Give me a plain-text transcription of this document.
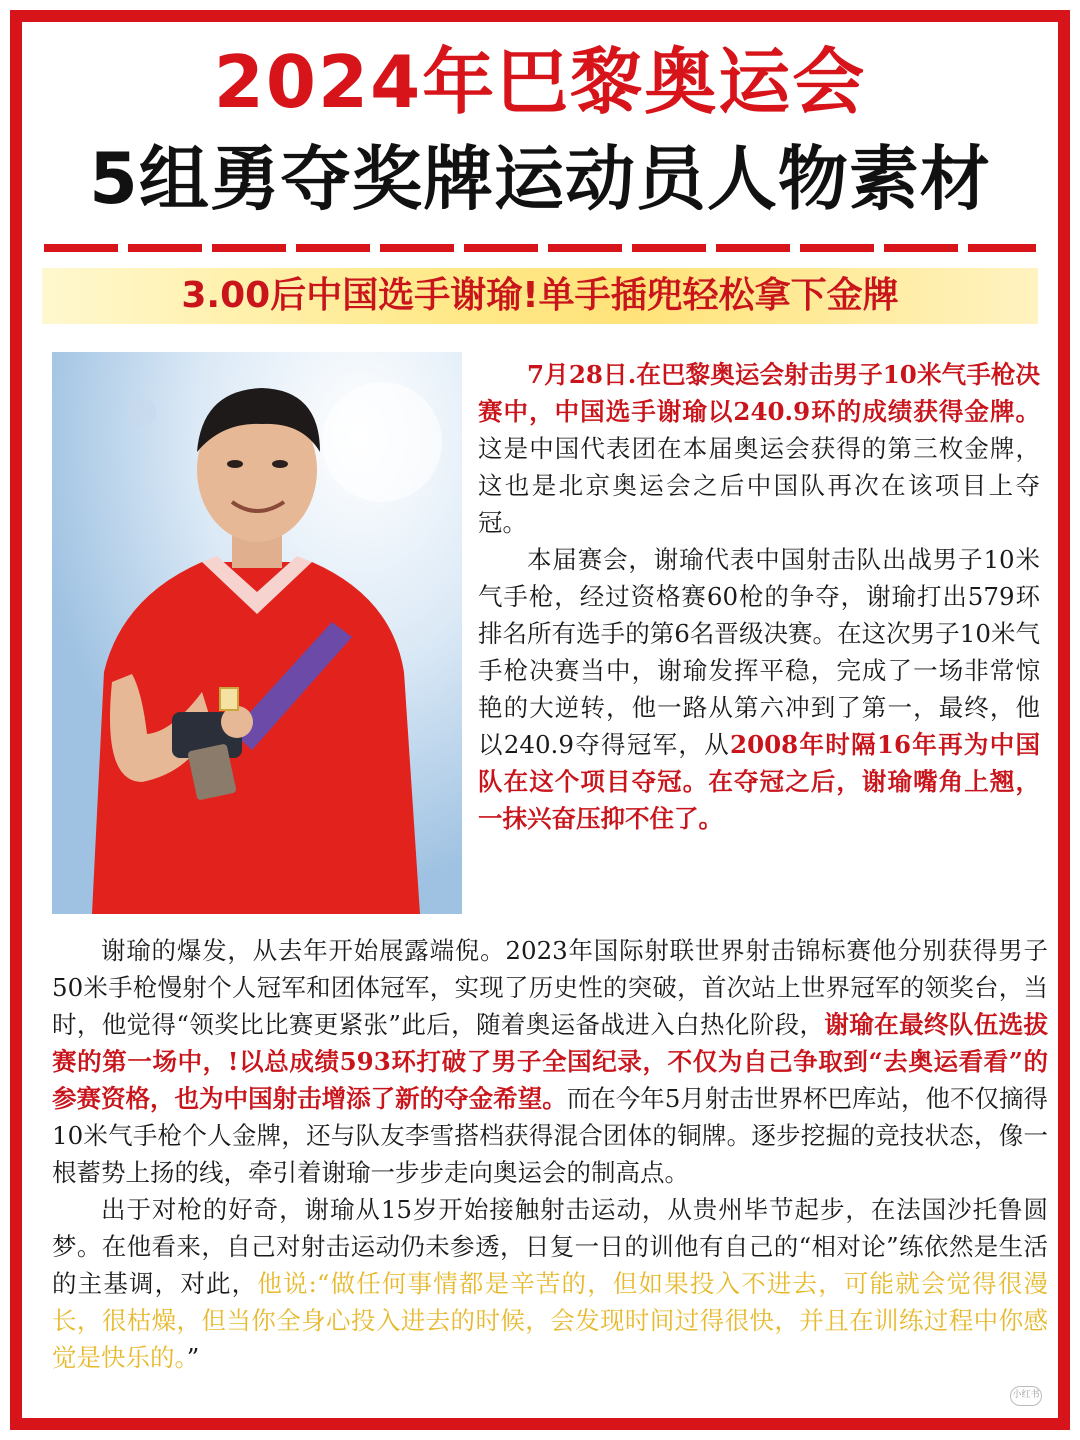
2024年巴黎奥运会
5组勇夺奖牌运动员人物素材
3.00后中国选手谢瑜!单手插兜轻松拿下金牌

7月28日.在巴黎奥运会射击男子10米气手枪决赛中，中国选手谢瑜以240.9环的成绩获得金牌。这是中国代表团在本届奥运会获得的第三枚金牌，这也是北京奥运会之后中国队再次在该项目上夺冠。

本届赛会，谢瑜代表中国射击队出战男子10米气手枪，经过资格赛60枪的争夺，谢瑜打出579环排名所有选手的第6名晋级决赛。在这次男子10米气手枪决赛当中，谢瑜发挥平稳，完成了一场非常惊艳的大逆转，他一路从第六冲到了第一，最终，他以240.9夺得冠军，从2008年时隔16年再为中国队在这个项目夺冠。在夺冠之后，谢瑜嘴角上翘，一抹兴奋压抑不住了。

谢瑜的爆发，从去年开始展露端倪。2023年国际射联世界射击锦标赛他分别获得男子50米手枪慢射个人冠军和团体冠军，实现了历史性的突破，首次站上世界冠军的领奖台，当时，他觉得“领奖比比赛更紧张”此后，随着奥运备战进入白热化阶段，谢瑜在最终队伍选拔赛的第一场中，!以总成绩593环打破了男子全国纪录，不仅为自己争取到“去奥运看看”的参赛资格，也为中国射击增添了新的夺金希望。而在今年5月射击世界杯巴库站，他不仅摘得10米气手枪个人金牌，还与队友李雪搭档获得混合团体的铜牌。逐步挖掘的竞技状态，像一根蓄势上扬的线，牵引着谢瑜一步步走向奥运会的制高点。

出于对枪的好奇，谢瑜从15岁开始接触射击运动，从贵州毕节起步，在法国沙托鲁圆梦。在他看来，自己对射击运动仍未参透，日复一日的训他有自己的“相对论”练依然是生活的主基调，对此，他说:“做任何事情都是辛苦的，但如果投入不进去，可能就会觉得很漫长，很枯燥，但当你全身心投入进去的时候，会发现时间过得很快，并且在训练过程中你感觉是快乐的。”

小红书
